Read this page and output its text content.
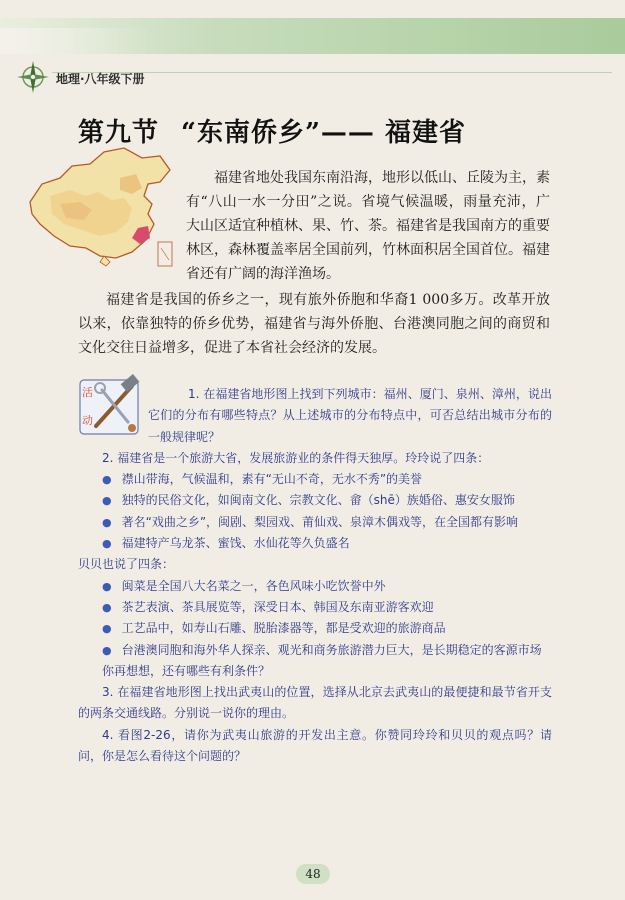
地理·八年级下册
第九节 “东南侨乡”—— 福建省

福建省地处我国东南沿海，地形以低山、丘陵为主，素有“八山一水一分田”之说。省境气候温暖，雨量充沛，广大山区适宜种植林、果、竹、茶。福建省是我国南方的重要林区，森林覆盖率居全国前列，竹林面积居全国首位。福建省还有广阔的海洋渔场。

福建省是我国的侨乡之一，现有旅外侨胞和华裔1 000多万。改革开放以来，依靠独特的侨乡优势，福建省与海外侨胞、台港澳同胞之间的商贸和文化交往日益增多，促进了本省社会经济的发展。

活
动

1. 在福建省地形图上找到下列城市：福州、厦门、泉州、漳州，说出它们的分布有哪些特点？从上述城市的分布特点中，可否总结出城市分布的一般规律呢？

2. 福建省是一个旅游大省，发展旅游业的条件得天独厚。玲玲说了四条：

● 襟山带海，气候温和，素有“无山不奇，无水不秀”的美誉

● 独特的民俗文化，如闽南文化、宗教文化、畲（shē）族婚俗、惠安女服饰

● 著名“戏曲之乡”，闽剧、梨园戏、莆仙戏、泉漳木偶戏等，在全国都有影响

● 福建特产乌龙茶、蜜饯、水仙花等久负盛名

贝贝也说了四条：

● 闽菜是全国八大名菜之一，各色风味小吃饮誉中外

● 茶艺表演、茶具展览等，深受日本、韩国及东南亚游客欢迎

● 工艺品中，如寿山石雕、脱胎漆器等，都是受欢迎的旅游商品

● 台港澳同胞和海外华人探亲、观光和商务旅游潜力巨大，是长期稳定的客源市场

你再想想，还有哪些有利条件？

3. 在福建省地形图上找出武夷山的位置，选择从北京去武夷山的最便捷和最节省开支的两条交通线路。分别说一说你的理由。

4. 看图2-26，请你为武夷山旅游的开发出主意。你赞同玲玲和贝贝的观点吗？请问，你是怎么看待这个问题的？

48
